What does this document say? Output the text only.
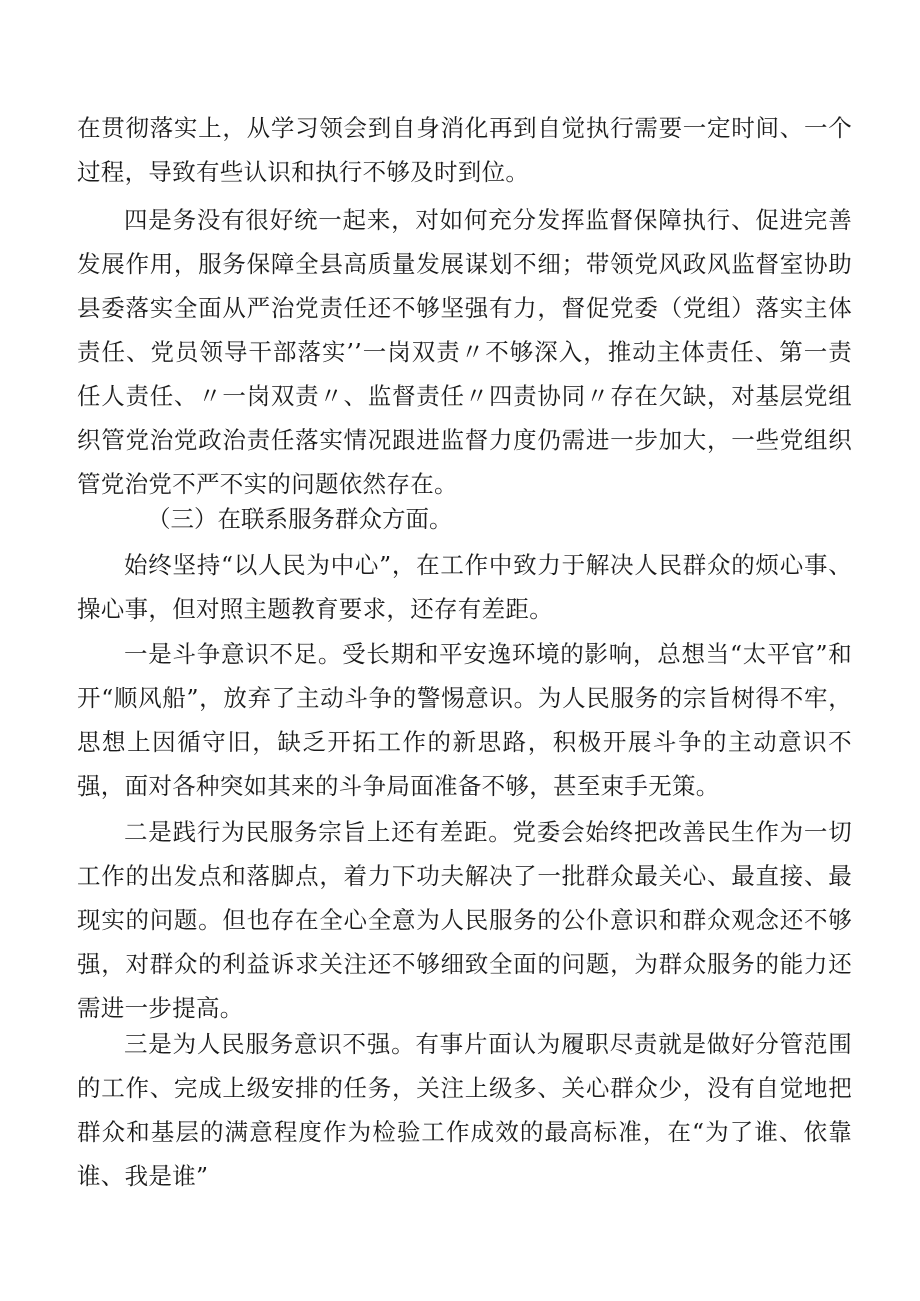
在贯彻落实上，从学习领会到自身消化再到自觉执行需要一定时间、一个过程，导致有些认识和执行不够及时到位。

四是务没有很好统一起来，对如何充分发挥监督保障执行、促进完善发展作用，服务保障全县高质量发展谋划不细；带领党风政风监督室协助县委落实全面从严治党责任还不够坚强有力，督促党委（党组）落实主体责任、党员领导干部落实’’一岗双责〃不够深入，推动主体责任、第一责任人责任、〃一岗双责〃、监督责任〃四责协同〃存在欠缺，对基层党组织管党治党政治责任落实情况跟进监督力度仍需进一步加大，一些党组织管党治党不严不实的问题依然存在。

（三）在联系服务群众方面。

始终坚持“以人民为中心”，在工作中致力于解决人民群众的烦心事、操心事，但对照主题教育要求，还存有差距。

一是斗争意识不足。受长期和平安逸环境的影响，总想当“太平官”和开“顺风船”，放弃了主动斗争的警惕意识。为人民服务的宗旨树得不牢，思想上因循守旧，缺乏开拓工作的新思路，积极开展斗争的主动意识不强，面对各种突如其来的斗争局面准备不够，甚至束手无策。

二是践行为民服务宗旨上还有差距。党委会始终把改善民生作为一切工作的出发点和落脚点，着力下功夫解决了一批群众最关心、最直接、最现实的问题。但也存在全心全意为人民服务的公仆意识和群众观念还不够强，对群众的利益诉求关注还不够细致全面的问题，为群众服务的能力还需进一步提高。

三是为人民服务意识不强。有事片面认为履职尽责就是做好分管范围的工作、完成上级安排的任务，关注上级多、关心群众少，没有自觉地把群众和基层的满意程度作为检验工作成效的最高标准，在“为了谁、依靠谁、我是谁”
